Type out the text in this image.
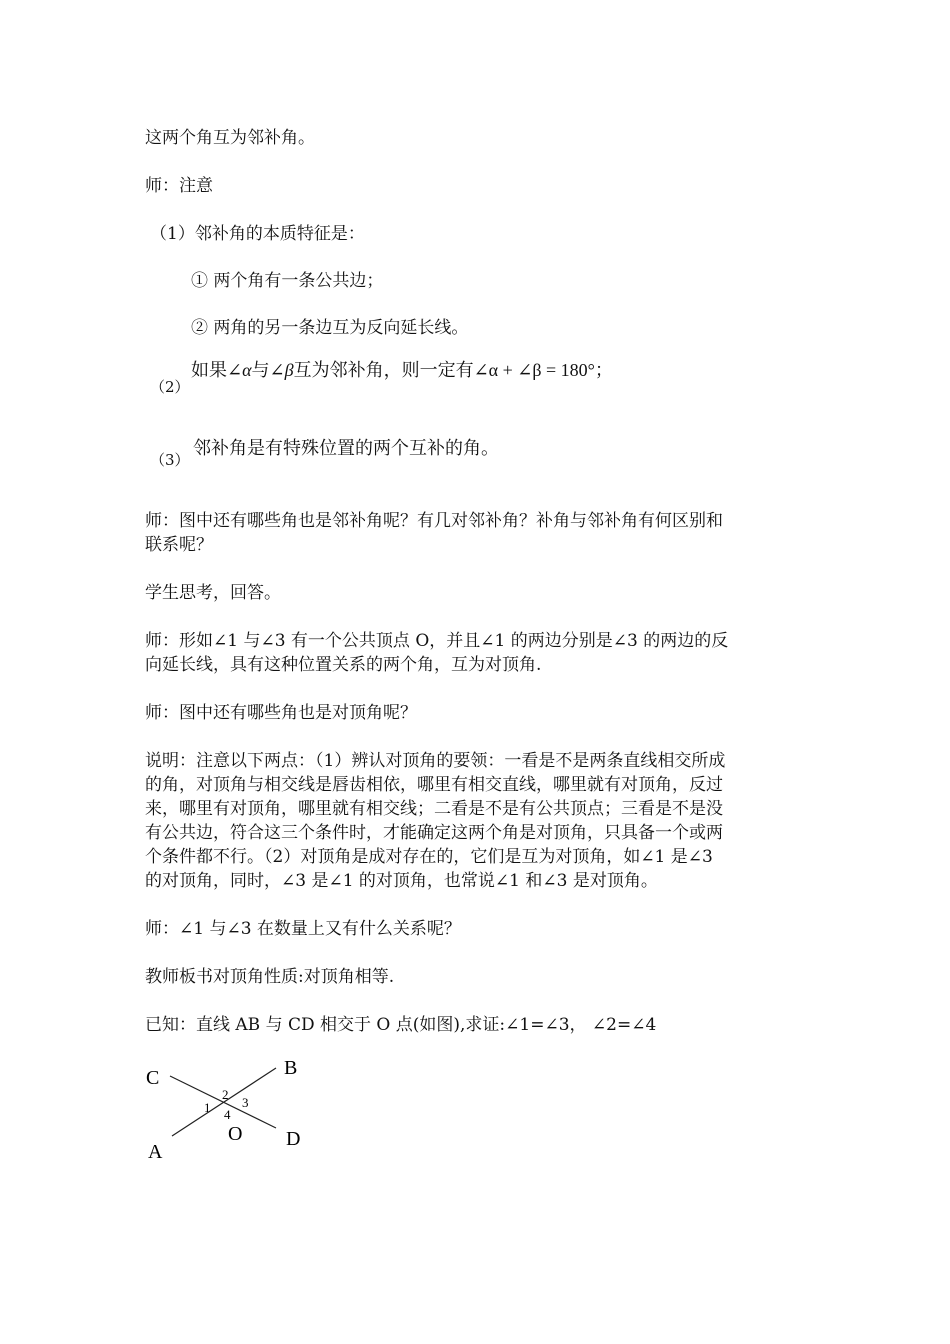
这两个角互为邻补角。
师：注意
（1）邻补角的本质特征是：
① 两个角有一条公共边；
② 两角的另一条边互为反向延长线。
（2）
如果∠α与∠β互为邻补角，则一定有∠α + ∠β = 180°；
（3）
邻补角是有特殊位置的两个互补的角。
师：图中还有哪些角也是邻补角呢？有几对邻补角？补角与邻补角有何区别和
联系呢？
学生思考，回答。
师：形如∠1 与∠3 有一个公共顶点 O，并且∠1 的两边分别是∠3 的两边的反
向延长线，具有这种位置关系的两个角，互为对顶角.
师：图中还有哪些角也是对顶角呢？
说明：注意以下两点：（1）辨认对顶角的要领：一看是不是两条直线相交所成
的角，对顶角与相交线是唇齿相依，哪里有相交直线，哪里就有对顶角，反过
来，哪里有对顶角，哪里就有相交线；二看是不是有公共顶点；三看是不是没
有公共边，符合这三个条件时，才能确定这两个角是对顶角，只具备一个或两
个条件都不行。（2）对顶角是成对存在的，它们是互为对顶角，如∠1 是∠3
的对顶角，同时，∠3 是∠1 的对顶角，也常说∠1 和∠3 是对顶角。
师：∠1 与∠3 在数量上又有什么关系呢？
教师板书对顶角性质:对顶角相等.
已知：直线 AB 与 CD 相交于 O 点(如图),求证:∠1=∠3， ∠2=∠4
C	B
A
D
O
1
2
3
4
